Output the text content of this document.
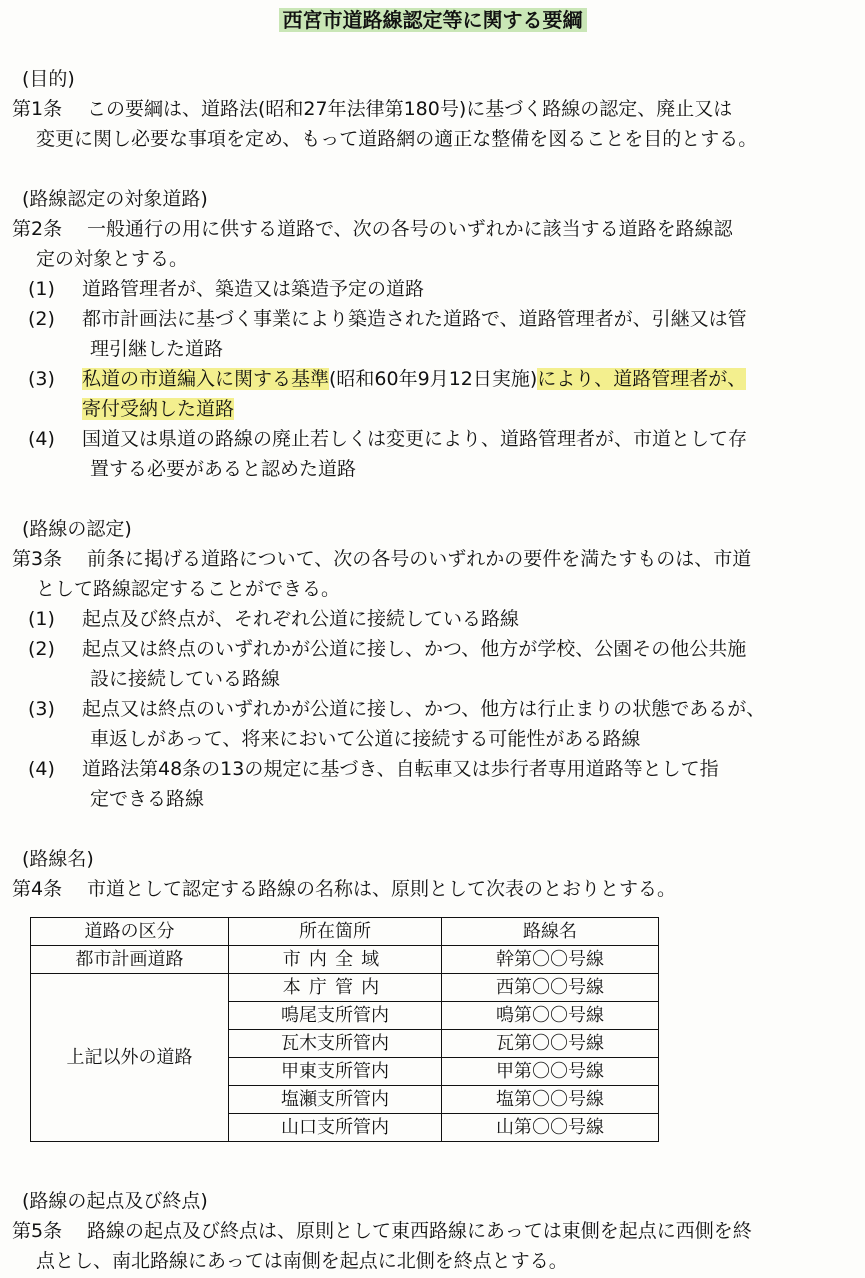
西宮市道路線認定等に関する要綱
(目的)
第1条	この要綱は、道路法(昭和27年法律第180号)に基づく路線の認定、廃止又は
変更に関し必要な事項を定め、もって道路網の適正な整備を図ることを目的とする。
(路線認定の対象道路)
第2条	一般通行の用に供する道路で、次の各号のいずれかに該当する道路を路線認
定の対象とする。
(1)	道路管理者が、築造又は築造予定の道路
(2)	都市計画法に基づく事業により築造された道路で、道路管理者が、引継又は管
理引継した道路
(3)	私道の市道編入に関する基準(昭和60年9月12日実施)により、道路管理者が、
寄付受納した道路
(4)	国道又は県道の路線の廃止若しくは変更により、道路管理者が、市道として存
置する必要があると認めた道路
(路線の認定)
第3条	前条に掲げる道路について、次の各号のいずれかの要件を満たすものは、市道
として路線認定することができる。
(1)	起点及び終点が、それぞれ公道に接続している路線
(2)	起点又は終点のいずれかが公道に接し、かつ、他方が学校、公園その他公共施
設に接続している路線
(3)	起点又は終点のいずれかが公道に接し、かつ、他方は行止まりの状態であるが、
車返しがあって、将来において公道に接続する可能性がある路線
(4)	道路法第48条の13の規定に基づき、自転車又は歩行者専用道路等として指
定できる路線
(路線名)
第4条	市道として認定する路線の名称は、原則として次表のとおりとする。
道路の区分	所在箇所	路線名
都市計画道路	市内全域	幹第〇〇号線
上記以外の道路	本庁管内	西第〇〇号線
	鳴尾支所管内	鳴第〇〇号線
	瓦木支所管内	瓦第〇〇号線
	甲東支所管内	甲第〇〇号線
	塩瀬支所管内	塩第〇〇号線
	山口支所管内	山第〇〇号線
(路線の起点及び終点)
第5条	路線の起点及び終点は、原則として東西路線にあっては東側を起点に西側を終
点とし、南北路線にあっては南側を起点に北側を終点とする。
